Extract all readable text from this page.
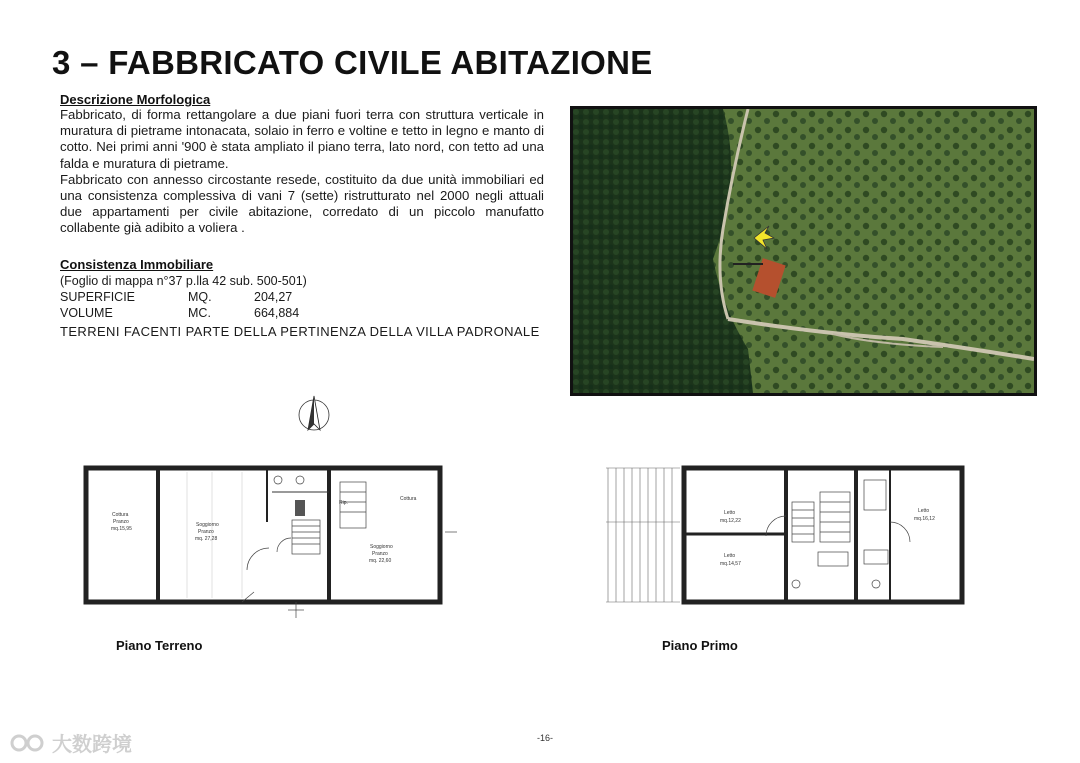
3 – FABBRICATO CIVILE ABITAZIONE
Descrizione Morfologica

Fabbricato, di forma rettangolare a due piani fuori terra con struttura verticale in muratura di pietrame intonacata, solaio in ferro e voltine e tetto in legno e manto di cotto. Nei primi anni '900 è stata ampliato il piano terra, lato nord, con tetto ad una falda e muratura di pietrame.

Fabbricato con annesso circostante resede, costituito da due unità immobiliari ed una consistenza complessiva di vani 7 (sette) ristrutturato nel 2000 negli attuali due appartamenti per civile abitazione, corredato di un piccolo manufatto collabente già adibito a voliera .

Consistenza Immobiliare
(Foglio di mappa n°37 p.lla 42 sub. 500-501)
SUPERFICIE	MQ.	204,27
VOLUME	MC.	664,884
TERRENI FACENTI PARTE DELLA PERTINENZA DELLA VILLA PADRONALE
Cottura
Pranzo
mq.15,95
Soggiorno
Pranzo
mq. 27,28
Rip.
Cottura
Soggiorno
Pranzo
mq. 22,60
Letto
mq.12,22
Letto
mq.14,57
Letto
mq.16,12
Piano Terreno	Piano Primo
大数跨境	-16-
